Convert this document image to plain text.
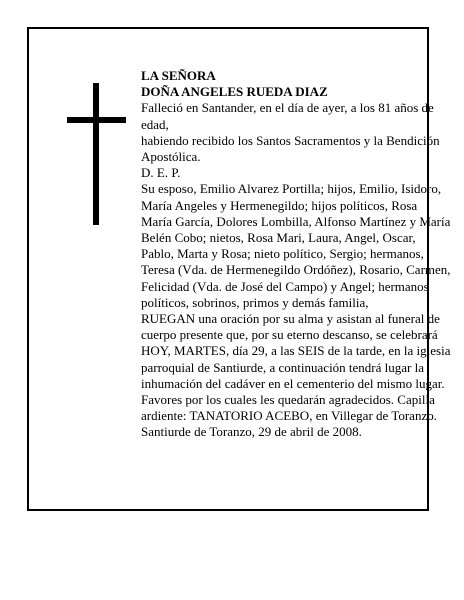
LA SEÑORA

DOÑA ANGELES RUEDA DIAZ

Falleció en Santander, en el día de ayer, a los 81 años de edad,

habiendo recibido los Santos Sacramentos y la Bendición Apostólica.

D. E. P.

Su esposo, Emilio Alvarez Portilla; hijos, Emilio, Isidoro, María Angeles y Hermenegildo; hijos políticos, Rosa María García, Dolores Lombilla, Alfonso Martínez y María Belén Cobo; nietos, Rosa Mari, Laura, Angel, Oscar, Pablo, Marta y Rosa; nieto político, Sergio; hermanos, Teresa (Vda. de Hermenegildo Ordóñez), Rosario, Carmen, Felicidad (Vda. de José del Campo) y Angel; hermanos políticos, sobrinos, primos y demás familia,

RUEGAN una oración por su alma y asistan al funeral de cuerpo presente que, por su eterno descanso, se celebrará HOY, MARTES, día 29, a las SEIS de la tarde, en la iglesia parroquial de Santiurde, a continuación tendrá lugar la inhumación del cadáver en el cementerio del mismo lugar. Favores por los cuales les quedarán agradecidos. Capilla ardiente: TANATORIO ACEBO, en Villegar de Toranzo.

Santiurde de Toranzo, 29 de abril de 2008.
